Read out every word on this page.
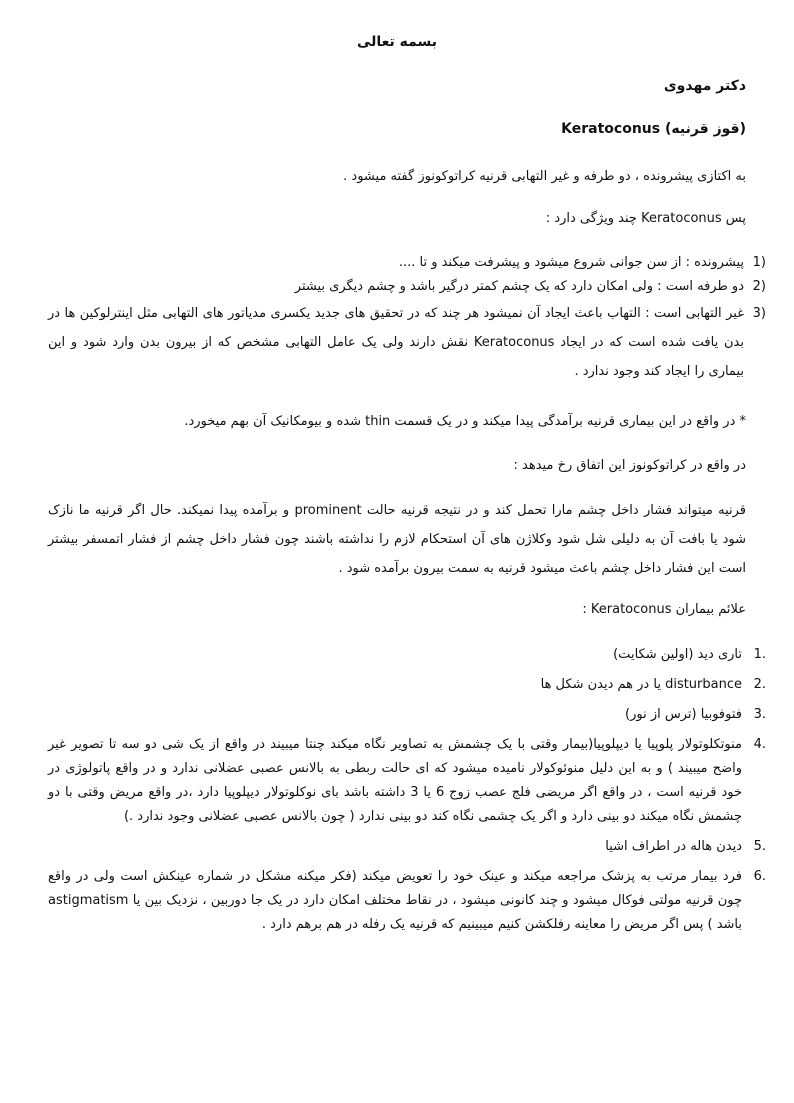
بسمه تعالی
دکتر مهدوی
Keratoconus (قوز قرنیه)
به اکتازی پیشرونده ، دو طرفه و غیر التهابی قرنیه کراتوکونوز گفته میشود .
پس Keratoconus چند ویژگی دارد :

1)
پیشرونده : از سن جوانی شروع میشود و پیشرفت میکند و تا ....

2)
دو طرفه است : ولی امکان دارد که یک چشم کمتر درگیر باشد و چشم دیگری بیشتر

3)
غیر التهابی است : التهاب باعث ایجاد آن نمیشود هر چند که در تحقیق های جدید یکسری مدیاتور های التهابی مثل اینترلوکین ها در بدن یافت شده است که در ایجاد Keratoconus نقش دارند ولی یک عامل التهابی مشخص که از بیرون بدن وارد شود و این بیماری را ایجاد کند وجود ندارد .

* در واقع در این بیماری قرنیه برآمدگی پیدا میکند و در یک قسمت thin شده و بیومکانیک آن بهم میخورد.
در واقع در کراتوکونوز این اتفاق رخ میدهد :
قرنیه میتواند فشار داخل چشم مارا تحمل کند و در نتیجه قرنیه حالت prominent و برآمده پیدا نمیکند. حال اگر قرنیه ما نازک شود یا بافت آن به دلیلی شل شود وکلاژن های آن استحکام لازم را نداشته باشند چون فشار داخل چشم از فشار اتمسفر بیشتر است این فشار داخل چشم باعث میشود قرنیه به سمت بیرون برآمده شود .
علائم بیماران Keratoconus :

1.
تاری دید (اولین شکایت)

2.
disturbance یا در هم دیدن شکل ها

3.
فتوفوبیا (ترس از نور)

4.
منوتکلوتولار پلوپیا یا دیپلوپیا(بیمار وقتی با یک چشمش به تصاویر نگاه میکند چنتا میبیند در واقع از یک شی دو سه تا تصویر غیر واضح میبیند ) و به این دلیل منوئوکولار نامیده میشود که ای حالت ربطی به بالانس عصبی عضلانی ندارد و در واقع پاتولوژی در خود قرنیه است ، در واقع اگر مریضی فلج عصب زوج 6 یا 3 داشته باشد بای نوکلوتولار دیپلوپیا دارد ،در واقع مریض وقتی با دو چشمش نگاه میکند دو بینی دارد و اگر یک چشمی نگاه کند دو بینی ندارد ( چون بالانس عصبی عضلانی وجود ندارد .)

5.
دیدن هاله در اطراف اشیا

6.
فرد بیمار مرتب به پزشک مراجعه میکند و عینک خود را تعویض میکند (فکر میکنه مشکل در شماره عینکش است ولی در واقع چون قرنیه مولتی فوکال میشود و چند کانونی میشود ، در نقاط مختلف امکان دارد در یک جا دوربین ، نزدیک بین یا astigmatism باشد ) پس اگر مریض را معاینه رفلکشن کنیم میبینیم که قرنیه یک رفله در هم برهم دارد .
